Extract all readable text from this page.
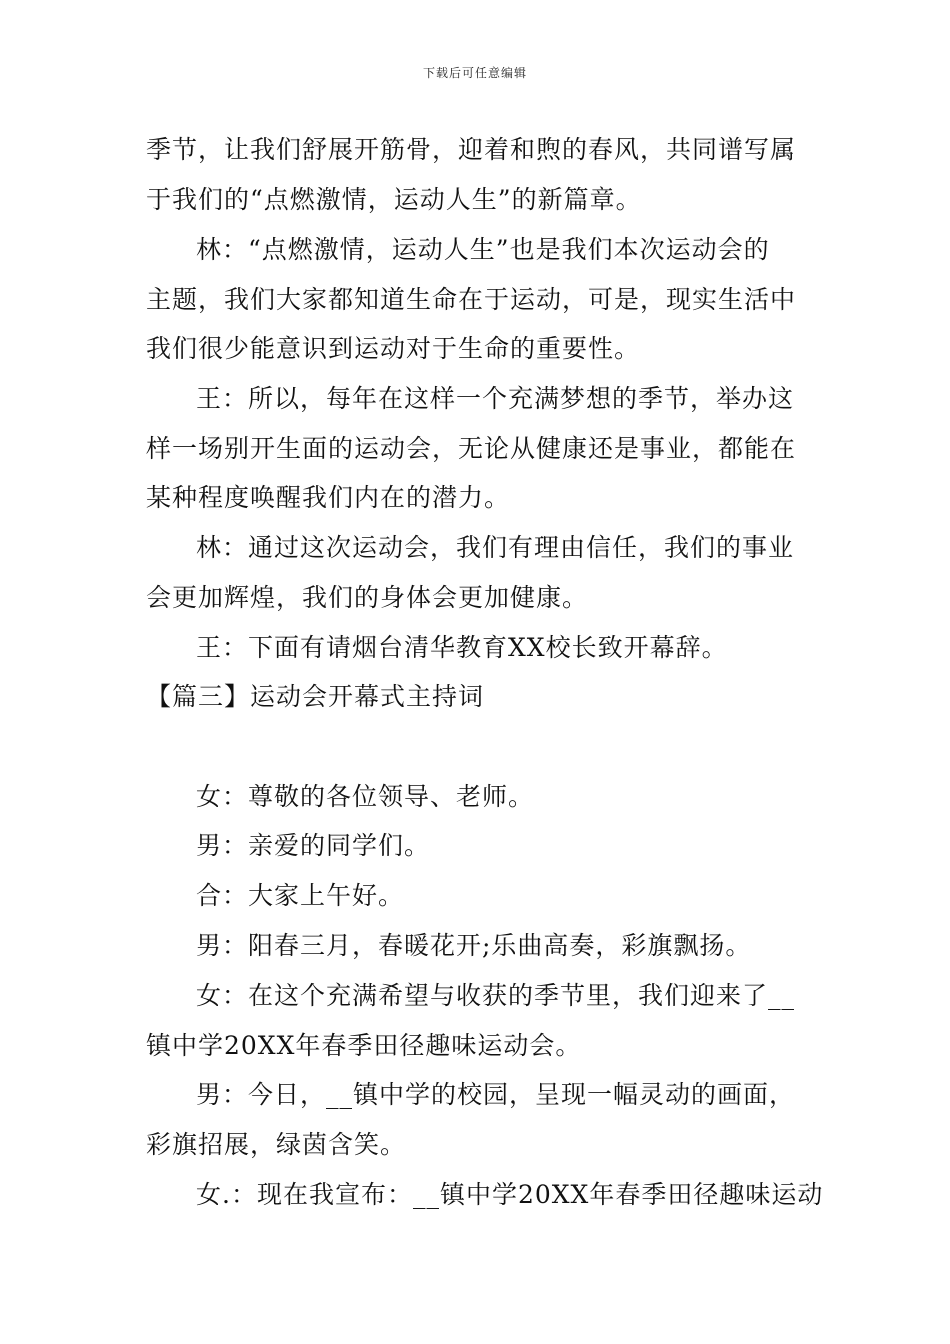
下载后可任意编辑
季节，让我们舒展开筋骨，迎着和煦的春风，共同谱写属
于我们的“点燃激情，运动人生”的新篇章。
林：“点燃激情，运动人生”也是我们本次运动会的
主题，我们大家都知道生命在于运动，可是，现实生活中
我们很少能意识到运动对于生命的重要性。
王：所以，每年在这样一个充满梦想的季节，举办这
样一场别开生面的运动会，无论从健康还是事业，都能在
某种程度唤醒我们内在的潜力。
林：通过这次运动会，我们有理由信任，我们的事业
会更加辉煌，我们的身体会更加健康。
王：下面有请烟台清华教育XX校长致开幕辞。
【篇三】运动会开幕式主持词
女：尊敬的各位领导、老师。
男：亲爱的同学们。
合：大家上午好。
男：阳春三月，春暖花开;乐曲高奏，彩旗飘扬。
女：在这个充满希望与收获的季节里，我们迎来了__
镇中学20XX年春季田径趣味运动会。
男：今日，__镇中学的校园，呈现一幅灵动的画面，
彩旗招展，绿茵含笑。
女.：现在我宣布：__镇中学20XX年春季田径趣味运动
